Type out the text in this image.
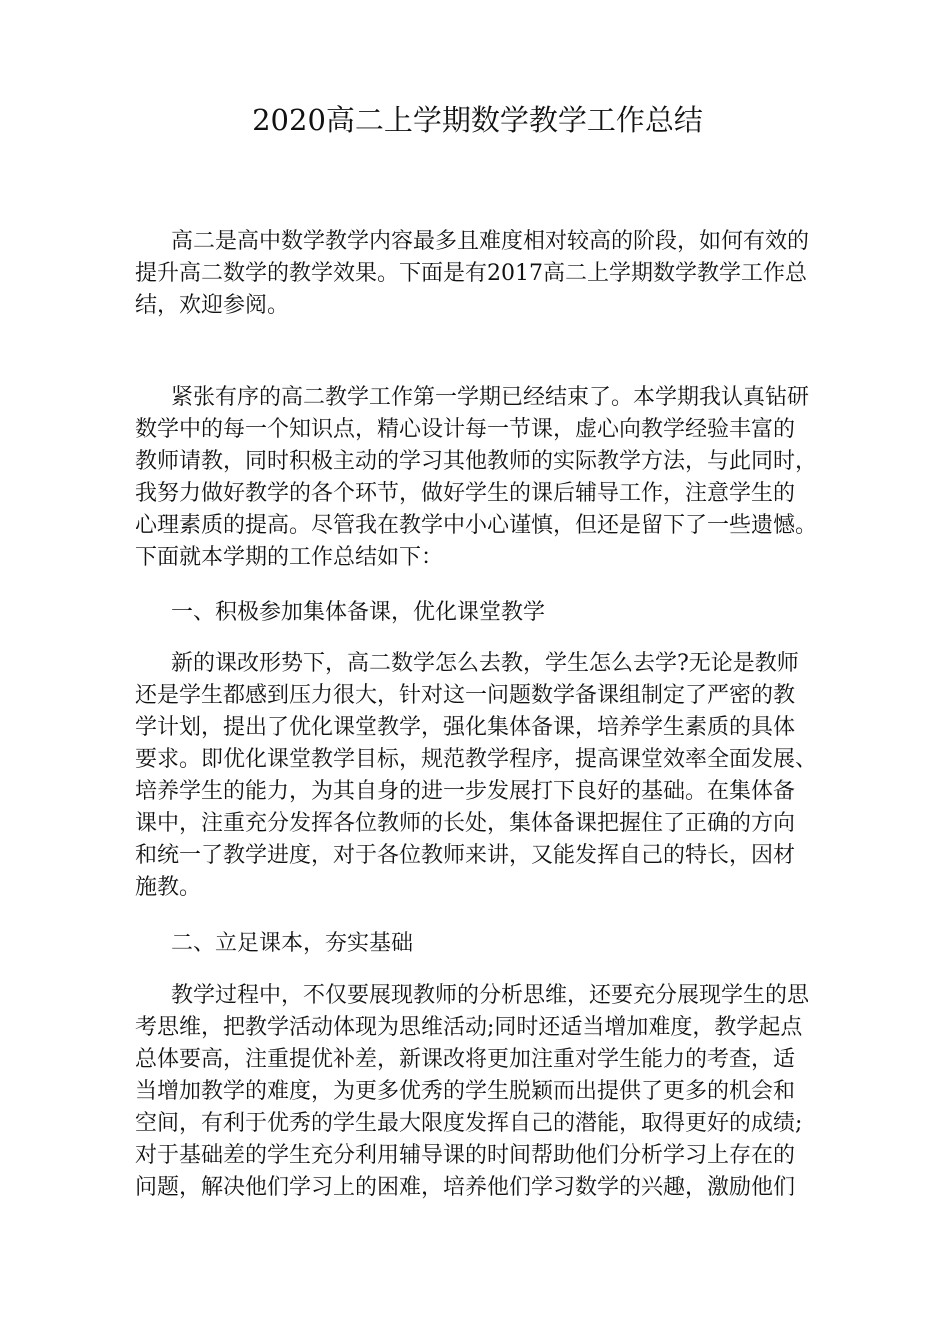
2020高二上学期数学教学工作总结
高二是高中数学教学内容最多且难度相对较高的阶段，如何有效的
提升高二数学的教学效果。下面是有2017高二上学期数学教学工作总
结，欢迎参阅。
紧张有序的高二教学工作第一学期已经结束了。本学期我认真钻研
数学中的每一个知识点，精心设计每一节课，虚心向教学经验丰富的
教师请教，同时积极主动的学习其他教师的实际教学方法，与此同时，
我努力做好教学的各个环节，做好学生的课后辅导工作，注意学生的
心理素质的提高。尽管我在教学中小心谨慎，但还是留下了一些遗憾。
下面就本学期的工作总结如下：
一、积极参加集体备课，优化课堂教学
新的课改形势下，高二数学怎么去教，学生怎么去学?无论是教师
还是学生都感到压力很大，针对这一问题数学备课组制定了严密的教
学计划，提出了优化课堂教学，强化集体备课，培养学生素质的具体
要求。即优化课堂教学目标，规范教学程序，提高课堂效率全面发展、
培养学生的能力，为其自身的进一步发展打下良好的基础。在集体备
课中，注重充分发挥各位教师的长处，集体备课把握住了正确的方向
和统一了教学进度，对于各位教师来讲，又能发挥自己的特长，因材
施教。
二、立足课本，夯实基础
教学过程中，不仅要展现教师的分析思维，还要充分展现学生的思
考思维，把教学活动体现为思维活动;同时还适当增加难度，教学起点
总体要高，注重提优补差，新课改将更加注重对学生能力的考查，适
当增加教学的难度，为更多优秀的学生脱颖而出提供了更多的机会和
空间，有利于优秀的学生最大限度发挥自己的潜能，取得更好的成绩;
对于基础差的学生充分利用辅导课的时间帮助他们分析学习上存在的
问题，解决他们学习上的困难，培养他们学习数学的兴趣，激励他们
